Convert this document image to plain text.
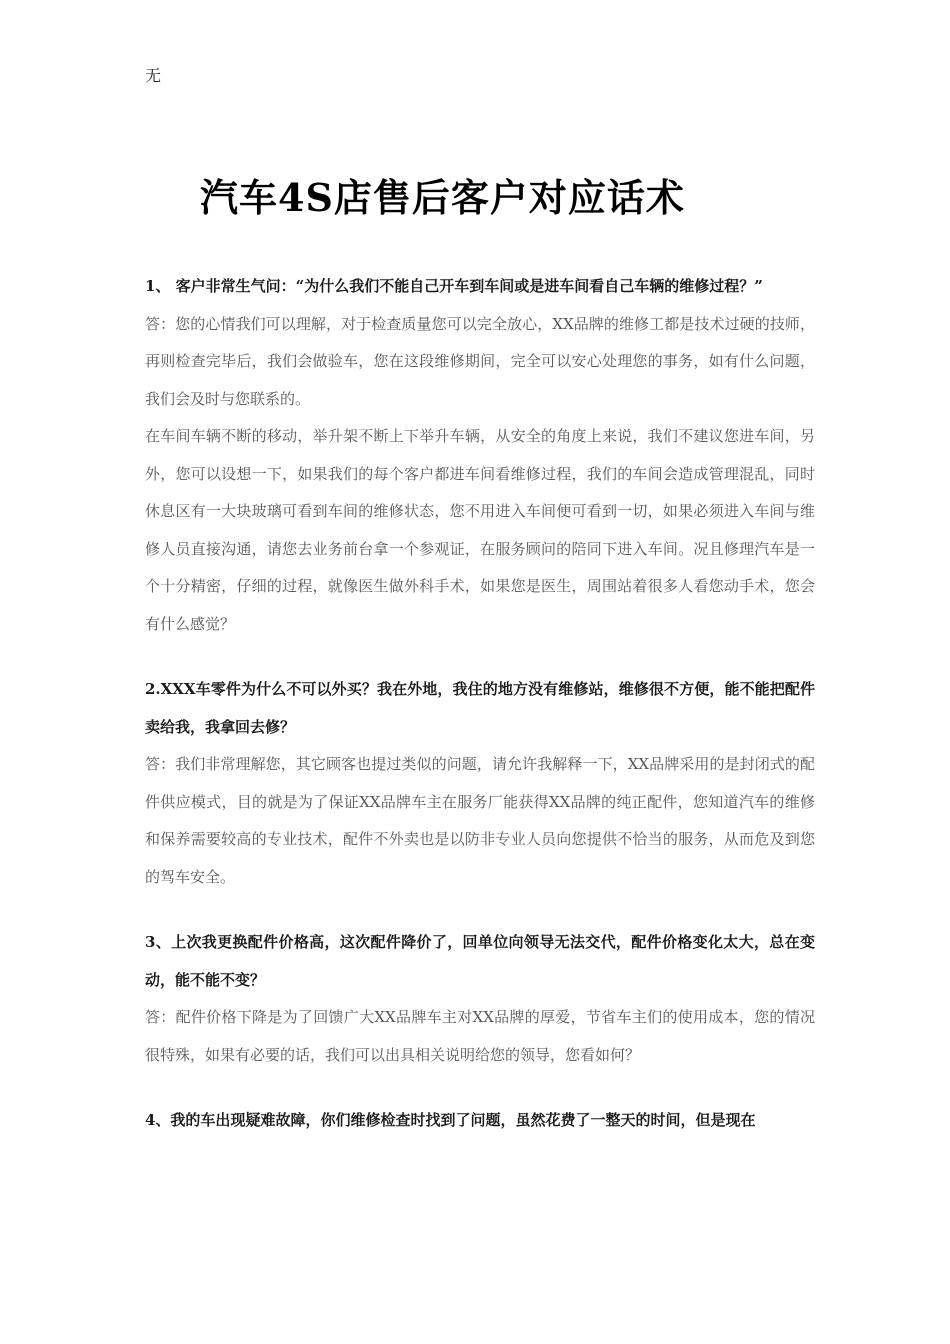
无
汽车4S店售后客户对应话术

1、 客户非常生气问：“为什么我们不能自己开车到车间或是进车间看自己车辆的维修过程？”

答：您的心情我们可以理解，对于检查质量您可以完全放心，XX品牌的维修工都是技术过硬的技师，再则检查完毕后，我们会做验车，您在这段维修期间，完全可以安心处理您的事务，如有什么问题，我们会及时与您联系的。

在车间车辆不断的移动，举升架不断上下举升车辆，从安全的角度上来说，我们不建议您进车间，另外，您可以设想一下，如果我们的每个客户都进车间看维修过程，我们的车间会造成管理混乱，同时休息区有一大块玻璃可看到车间的维修状态，您不用进入车间便可看到一切，如果必须进入车间与维修人员直接沟通，请您去业务前台拿一个参观证，在服务顾问的陪同下进入车间。况且修理汽车是一个十分精密，仔细的过程，就像医生做外科手术，如果您是医生，周围站着很多人看您动手术，您会有什么感觉？

2.XXX车零件为什么不可以外买？我在外地，我住的地方没有维修站，维修很不方便，能不能把配件卖给我，我拿回去修？

答：我们非常理解您，其它顾客也提过类似的问题，请允许我解释一下，XX品牌采用的是封闭式的配件供应模式，目的就是为了保证XX品牌车主在服务厂能获得XX品牌的纯正配件，您知道汽车的维修和保养需要较高的专业技术，配件不外卖也是以防非专业人员向您提供不恰当的服务，从而危及到您的驾车安全。

3、上次我更换配件价格高，这次配件降价了，回单位向领导无法交代，配件价格变化太大，总在变动，能不能不变？

答：配件价格下降是为了回馈广大XX品牌车主对XX品牌的厚爱，节省车主们的使用成本，您的情况很特殊，如果有必要的话，我们可以出具相关说明给您的领导，您看如何？

4、我的车出现疑难故障，你们维修检查时找到了问题，虽然花费了一整天的时间，但是现在
